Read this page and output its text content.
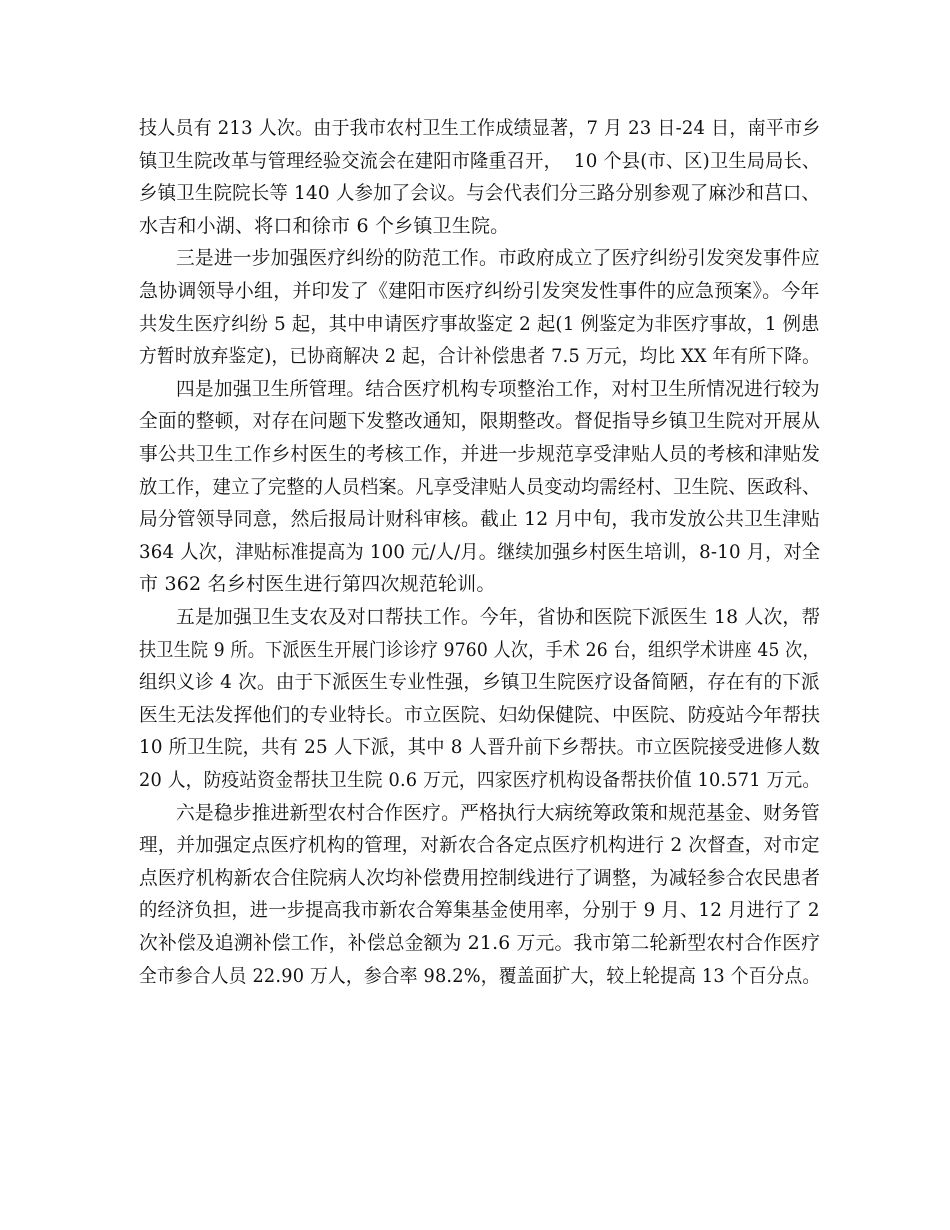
技人员有 213 人次。由于我市农村卫生工作成绩显著，7 月 23 日-24 日，南平市乡
镇卫生院改革与管理经验交流会在建阳市隆重召开，  10 个县(市、区)卫生局局长、
乡镇卫生院院长等 140 人参加了会议。与会代表们分三路分别参观了麻沙和莒口、
水吉和小湖、将口和徐市 6 个乡镇卫生院。
三是进一步加强医疗纠纷的防范工作。市政府成立了医疗纠纷引发突发事件应
急协调领导小组，并印发了《建阳市医疗纠纷引发突发性事件的应急预案》。今年
共发生医疗纠纷 5 起，其中申请医疗事故鉴定 2 起(1 例鉴定为非医疗事故，1 例患
方暂时放弃鉴定)，已协商解决 2 起，合计补偿患者 7.5 万元，均比 XX 年有所下降。
四是加强卫生所管理。结合医疗机构专项整治工作，对村卫生所情况进行较为
全面的整顿，对存在问题下发整改通知，限期整改。督促指导乡镇卫生院对开展从
事公共卫生工作乡村医生的考核工作，并进一步规范享受津贴人员的考核和津贴发
放工作，建立了完整的人员档案。凡享受津贴人员变动均需经村、卫生院、医政科、
局分管领导同意，然后报局计财科审核。截止 12 月中旬，我市发放公共卫生津贴
364 人次，津贴标准提高为 100 元/人/月。继续加强乡村医生培训，8-10 月，对全
市 362 名乡村医生进行第四次规范轮训。
五是加强卫生支农及对口帮扶工作。今年，省协和医院下派医生 18 人次，帮
扶卫生院 9 所。下派医生开展门诊诊疗 9760 人次，手术 26 台，组织学术讲座 45 次，
组织义诊 4 次。由于下派医生专业性强，乡镇卫生院医疗设备简陋，存在有的下派
医生无法发挥他们的专业特长。市立医院、妇幼保健院、中医院、防疫站今年帮扶
10 所卫生院，共有 25 人下派，其中 8 人晋升前下乡帮扶。市立医院接受进修人数
20 人，防疫站资金帮扶卫生院 0.6 万元，四家医疗机构设备帮扶价值 10.571 万元。
六是稳步推进新型农村合作医疗。严格执行大病统筹政策和规范基金、财务管
理，并加强定点医疗机构的管理，对新农合各定点医疗机构进行 2 次督查，对市定
点医疗机构新农合住院病人次均补偿费用控制线进行了调整，为减轻参合农民患者
的经济负担，进一步提高我市新农合筹集基金使用率，分别于 9 月、12 月进行了 2
次补偿及追溯补偿工作，补偿总金额为 21.6 万元。我市第二轮新型农村合作医疗
全市参合人员 22.90 万人，参合率 98.2%，覆盖面扩大，较上轮提高 13 个百分点。
